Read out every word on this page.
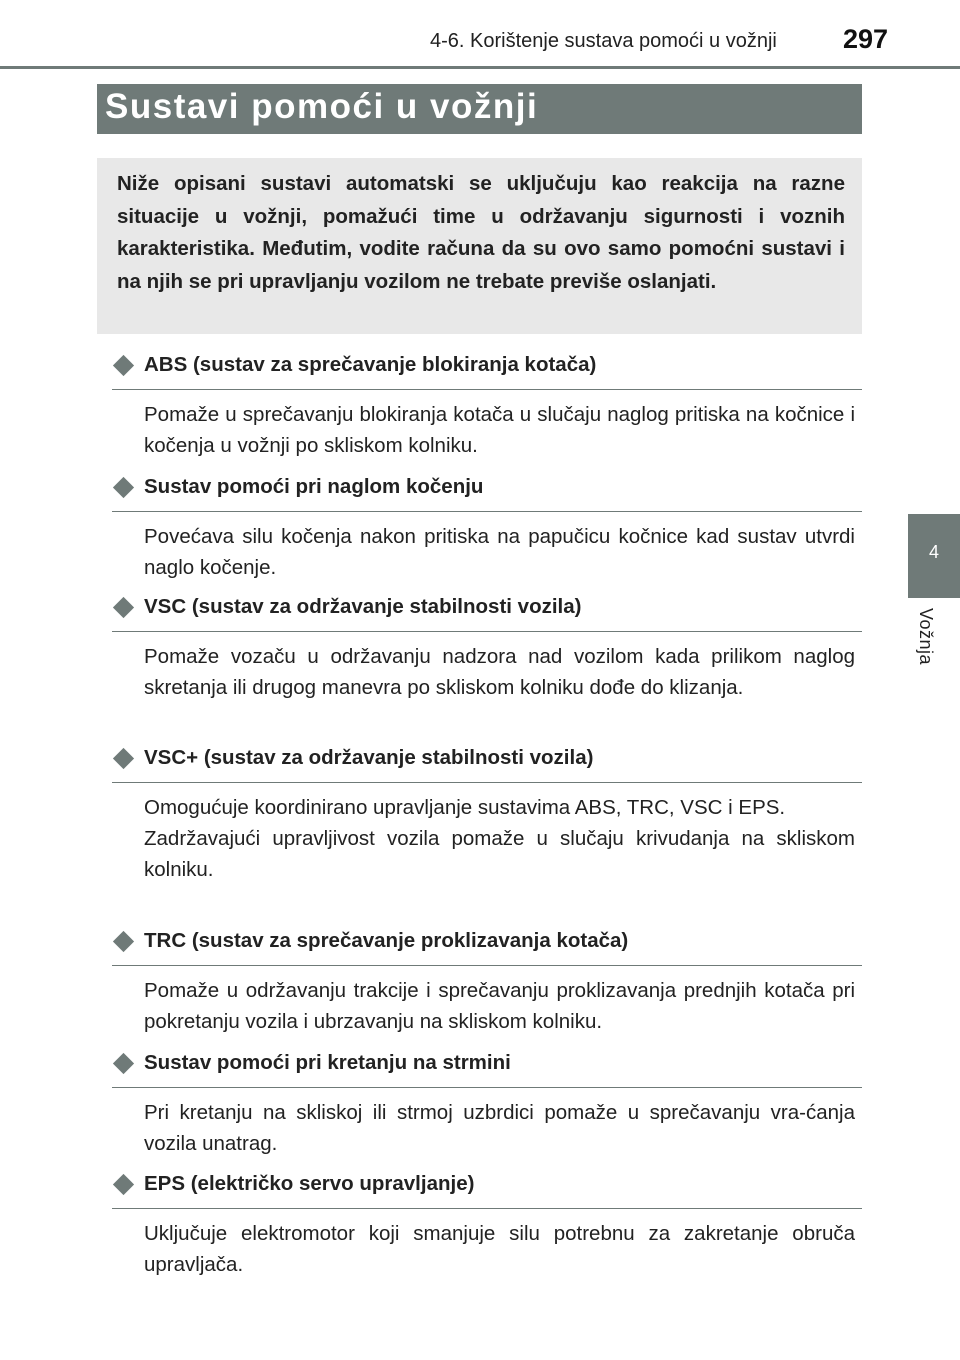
4-6. Korištenje sustava pomoći u vožnji 297
Sustavi pomoći u vožnji
Niže opisani sustavi automatski se uključuju kao reakcija na razne situacije u vožnji, pomažući time u održavanju sigurnosti i voznih karakteristika. Međutim, vodite računa da su ovo samo pomoćni sustavi i na njih se pri upravljanju vozilom ne trebate previše oslanjati.
4
Vožnja
ABS (sustav za sprečavanje blokiranja kotača)

Pomaže u sprečavanju blokiranja kotača u slučaju naglog pritiska na kočnice i kočenja u vožnji po skliskom kolniku.

Sustav pomoći pri naglom kočenju

Povećava silu kočenja nakon pritiska na papučicu kočnice kad sustav utvrdi naglo kočenje.

VSC (sustav za održavanje stabilnosti vozila)

Pomaže vozaču u održavanju nadzora nad vozilom kada prilikom naglog skretanja ili drugog manevra po skliskom kolniku dođe do klizanja.

VSC+ (sustav za održavanje stabilnosti vozila)

Omogućuje koordinirano upravljanje sustavima ABS, TRC, VSC i EPS.

Zadržavajući upravljivost vozila pomaže u slučaju krivudanja na skliskom kolniku.

TRC (sustav za sprečavanje proklizavanja kotača)

Pomaže u održavanju trakcije i sprečavanju proklizavanja prednjih kotača pri pokretanju vozila i ubrzavanju na skliskom kolniku.

Sustav pomoći pri kretanju na strmini

Pri kretanju na skliskoj ili strmoj uzbrdici pomaže u sprečavanju vra-ćanja vozila unatrag.

EPS (električko servo upravljanje)

Uključuje elektromotor koji smanjuje silu potrebnu za zakretanje obruča upravljača.
